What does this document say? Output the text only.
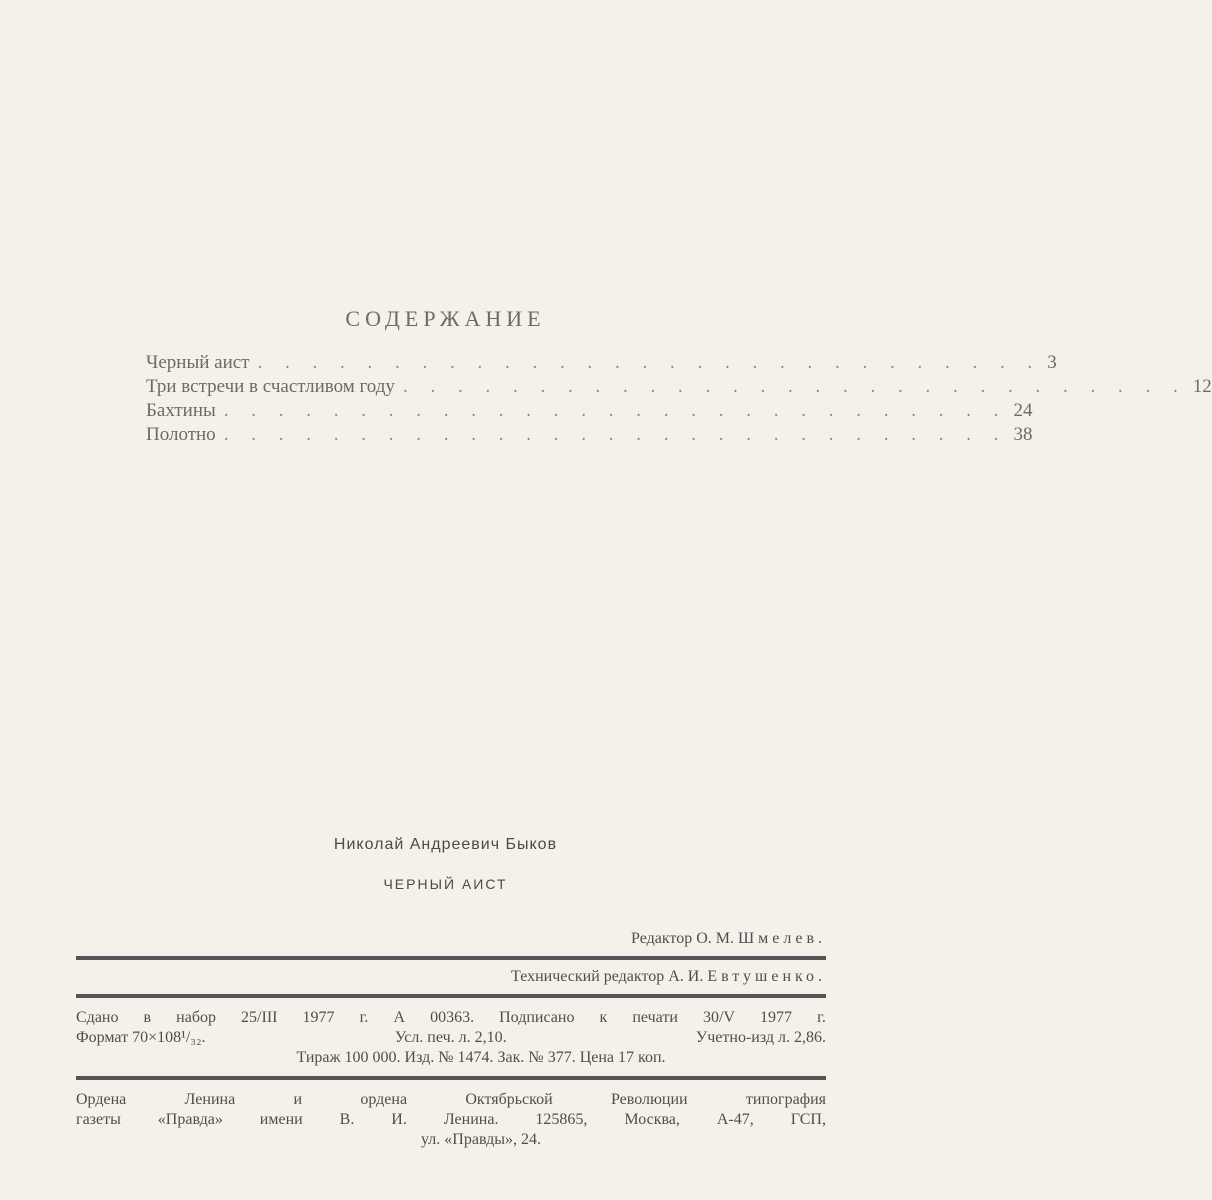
СОДЕРЖАНИЕ
Черный аист . . . . . . . . . . . . . . . . . . . . . . . . . . . . . 3
Три встречи в счастливом году . . . . . . . . . . . . . . . . . . . . . . . . . . . . . 12
Бахтины . . . . . . . . . . . . . . . . . . . . . . . . . . . . . 24
Полотно . . . . . . . . . . . . . . . . . . . . . . . . . . . . . 38
Николай Андреевич Быков
ЧЕРНЫЙ АИСТ
Редактор О. М. Шмелев.
Технический редактор А. И. Евтушенко.
Сдано в набор 25/III 1977 г. А 00363. Подписано к печати 30/V 1977 г.
Формат 70×108¹/₃₂.	Усл. печ. л. 2,10.	Учетно-изд л. 2,86.
Тираж 100 000. Изд. № 1474. Зак. № 377. Цена 17 коп.
Ордена	Ленина	и	ордена	Октябрьской	Революции	типография
газеты «Правда» имени В. И. Ленина. 125865, Москва, А-47, ГСП,
ул. «Правды», 24.
